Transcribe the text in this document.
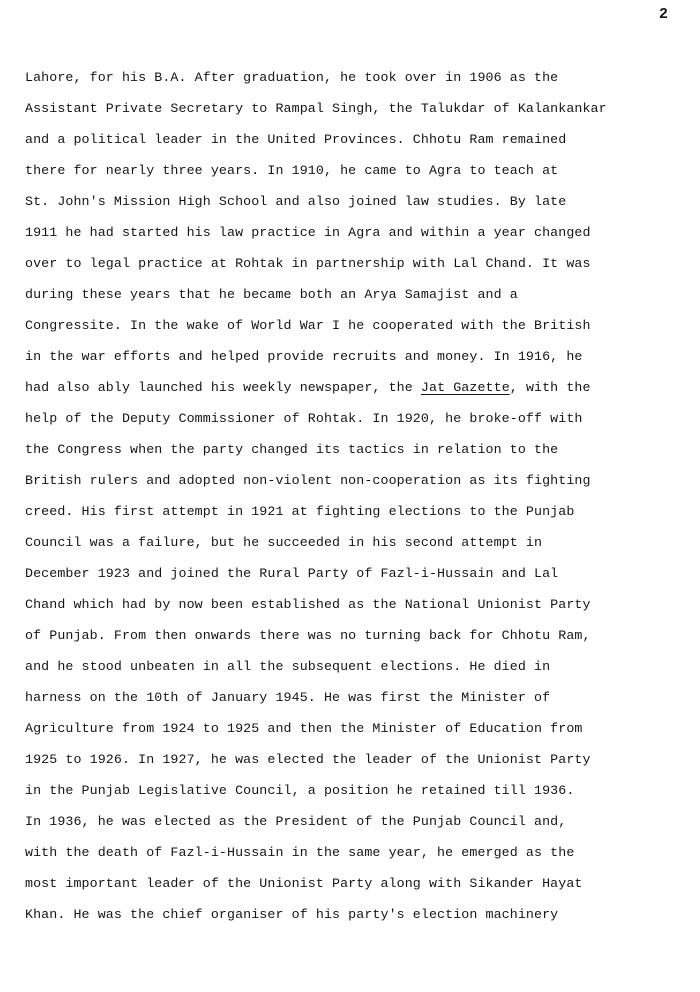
2
Lahore, for his B.A. After graduation, he took over in 1906 as the
Assistant Private Secretary to Rampal Singh, the Talukdar of Kalankankar
and a political leader in the United Provinces. Chhotu Ram remained
there for nearly three years. In 1910, he came to Agra to teach at
St. John's Mission High School and also joined law studies. By late
1911 he had started his law practice in Agra and within a year changed
over to legal practice at Rohtak in partnership with Lal Chand. It was
during these years that he became both an Arya Samajist and a
Congressite. In the wake of World War I he cooperated with the British
in the war efforts and helped provide recruits and money. In 1916, he
had also ably launched his weekly newspaper, the Jat Gazette, with the
help of the Deputy Commissioner of Rohtak. In 1920, he broke-off with
the Congress when the party changed its tactics in relation to the
British rulers and adopted non-violent non-cooperation as its fighting
creed. His first attempt in 1921 at fighting elections to the Punjab
Council was a failure, but he succeeded in his second attempt in
December 1923 and joined the Rural Party of Fazl-i-Hussain and Lal
Chand which had by now been established as the National Unionist Party
of Punjab. From then onwards there was no turning back for Chhotu Ram,
and he stood unbeaten in all the subsequent elections. He died in
harness on the 10th of January 1945. He was first the Minister of
Agriculture from 1924 to 1925 and then the Minister of Education from
1925 to 1926. In 1927, he was elected the leader of the Unionist Party
in the Punjab Legislative Council, a position he retained till 1936.
In 1936, he was elected as the President of the Punjab Council and,
with the death of Fazl-i-Hussain in the same year, he emerged as the
most important leader of the Unionist Party along with Sikander Hayat
Khan. He was the chief organiser of his party's election machinery
